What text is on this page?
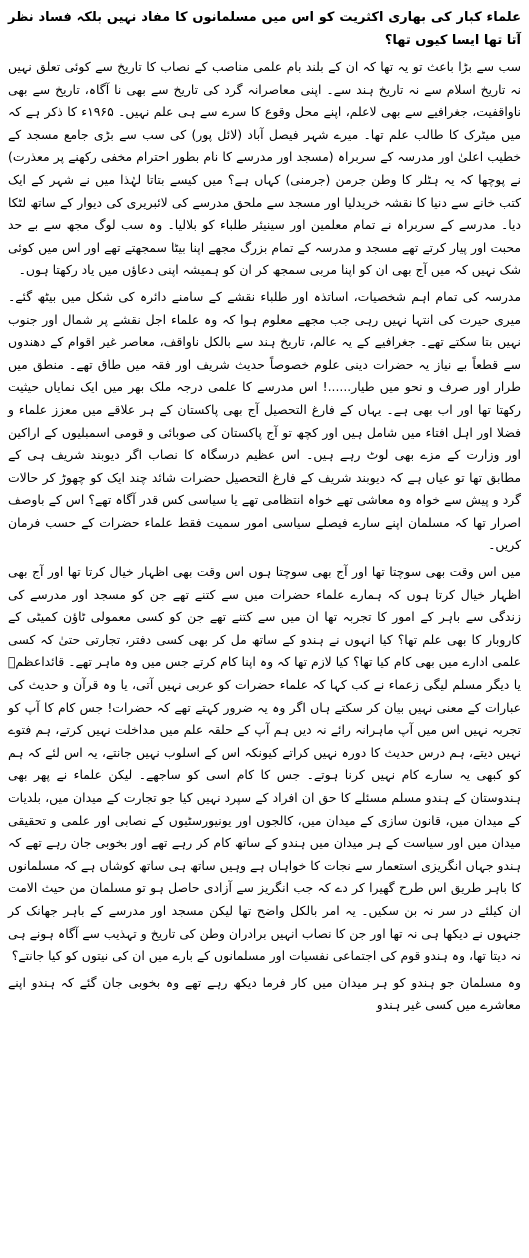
علماء کبار کی بھاری اکثریت کو اس میں مسلمانوں کا مفاد نہیں بلکہ فساد نظر آتا تھا ایسا کیوں تھا؟

سب سے بڑا باعث تو یہ تھا کہ ان کے بلند بام علمی مناصب کے نصاب کا تاریخ سے کوئی تعلق نہیں نہ تاریخ اسلام سے نہ تاریخ ہند سے۔ اپنی معاصرانہ گرد کی تاریخ سے بھی نا آگاہ، تاریخ سے بھی ناواقفیت، جغرافیے سے بھی لاعلم، اپنے محل وقوع کا سرے سے ہی علم نہیں۔ ۱۹۶۵ء کا ذکر ہے کہ میں میٹرک کا طالب علم تھا۔ میرے شہر فیصل آباد (لائل پور) کی سب سے بڑی جامع مسجد کے خطیب اعلیٰ اور مدرسہ کے سربراہ (مسجد اور مدرسے کا نام بطور احترام مخفی رکھنے پر معذرت) نے پوچھا کہ یہ ہٹلر کا وطن جرمن (جرمنی) کہاں ہے؟ میں کیسے بتاتا لہٰذا میں نے شہر کے ایک کتب خانے سے دنیا کا نقشہ خریدلیا اور مسجد سے ملحق مدرسے کی لائبریری کی دیوار کے ساتھ لٹکا دیا۔ مدرسے کے سربراہ نے تمام معلمین اور سینیئر طلباء کو بلالیا۔ وہ سب لوگ مجھ سے بے حد محبت اور پیار کرتے تھے مسجد و مدرسہ کے تمام بزرگ مجھے اپنا بیٹا سمجھتے تھے اور اس میں کوئی شک نہیں کہ میں آج بھی ان کو اپنا مربی سمجھ کر ان کو ہمیشہ اپنی دعاؤں میں یاد رکھتا ہوں۔

مدرسہ کی تمام اہم شخصیات، اساتذہ اور طلباء نقشے کے سامنے دائرہ کی شکل میں بیٹھ گئے۔ میری حیرت کی انتہا نہیں رہی جب مجھے معلوم ہوا کہ وہ علماء اجل نقشے پر شمال اور جنوب نہیں بتا سکتے تھے۔ جغرافیے کے یہ عالم، تاریخ ہند سے بالکل ناواقف، معاصر غیر اقوام کے دھندوں سے قطعاً بے نیاز یہ حضرات دینی علوم خصوصاً حدیث شریف اور فقہ میں طاق تھے۔ منطق میں طرار اور صرف و نحو میں طیار......! اس مدرسے کا علمی درجہ ملک بھر میں ایک نمایاں حیثیت رکھتا تھا اور اب بھی ہے۔ یہاں کے فارغ التحصیل آج بھی پاکستان کے ہر علاقے میں معزز علماء و فضلا اور اہل افتاء میں شامل ہیں اور کچھ تو آج پاکستان کی صوبائی و قومی اسمبلیوں کے اراکین اور وزارت کے مزے بھی لوٹ رہے ہیں۔ اس عظیم درسگاہ کا نصاب اگر دیوبند شریف ہی کے مطابق تھا تو عیاں ہے کہ دیوبند شریف کے فارغ التحصیل حضرات شائد چند ایک کو چھوڑ کر حالات گرد و پیش سے خواہ وہ معاشی تھے خواہ انتظامی تھے یا سیاسی کس قدر آگاہ تھے؟ اس کے باوصف اصرار تھا کہ مسلمان اپنے سارے فیصلے سیاسی امور سمیت فقط علماء حضرات کے حسب فرمان کریں۔

میں اس وقت بھی سوچتا تھا اور آج بھی سوچتا ہوں اس وقت بھی اظہار خیال کرتا تھا اور آج بھی اظہار خیال کرتا ہوں کہ ہمارے علماء حضرات میں سے کتنے تھے جن کو مسجد اور مدرسے کی زندگی سے باہر کے امور کا تجربہ تھا ان میں سے کتنے تھے جن کو کسی معمولی ٹاؤن کمیٹی کے کاروبار کا بھی علم تھا؟ کیا انہوں نے ہندو کے ساتھ مل کر بھی کسی دفتر، تجارتی حتیٰ کہ کسی علمی ادارے میں بھی کام کیا تھا؟ کیا لازم تھا کہ وہ اپنا کام کرتے جس میں وہ ماہر تھے۔ قائداعظمؒ یا دیگر مسلم لیگی زعماء نے کب کہا کہ علماء حضرات کو عربی نہیں آتی، یا وہ قرآن و حدیث کی عبارات کے معنی نہیں بیان کر سکتے ہاں اگر وہ یہ ضرور کہتے تھے کہ حضرات! جس کام کا آپ کو تجربہ نہیں اس میں آپ ماہرانہ رائے نہ دیں ہم آپ کے حلقہ علم میں مداخلت نہیں کرتے، ہم فتوے نہیں دیتے، ہم درس حدیث کا دورہ نہیں کراتے کیونکہ اس کے اسلوب نہیں جانتے، یہ اس لئے کہ ہم کو کبھی یہ سارے کام نہیں کرنا ہوتے۔ جس کا کام اسی کو ساجھے۔ لیکن علماء نے پھر بھی ہندوستان کے ہندو مسلم مسئلے کا حق ان افراد کے سپرد نہیں کیا جو تجارت کے میدان میں، بلدیات کے میدان میں، قانون سازی کے میدان میں، کالجوں اور یونیورسٹیوں کے نصابی اور علمی و تحقیقی میدان میں اور سیاست کے ہر میدان میں ہندو کے ساتھ کام کر رہے تھے اور بخوبی جان رہے تھے کہ ہندو جہاں انگریزی استعمار سے نجات کا خواہاں ہے وہیں ساتھ ہی ساتھ کوشاں ہے کہ مسلمانوں کا باہر طریق اس طرح گھیرا کر دے کہ جب انگریز سے آزادی حاصل ہو تو مسلمان من حیث الامت ان کیلئے در سر نہ بن سکیں۔ یہ امر بالکل واضح تھا لیکن مسجد اور مدرسے کے باہر جھانک کر جنہوں نے دیکھا ہی نہ تھا اور جن کا نصاب انہیں برادران وطن کی تاریخ و تہذیب سے آگاہ ہونے ہی نہ دیتا تھا، وہ ہندو قوم کی اجتماعی نفسیات اور مسلمانوں کے بارے میں ان کی نیتوں کو کیا جانتے؟

وہ مسلمان جو ہندو کو ہر میدان میں کار فرما دیکھ رہے تھے وہ بخوبی جان گئے کہ ہندو اپنے معاشرے میں کسی غیر ہندو
